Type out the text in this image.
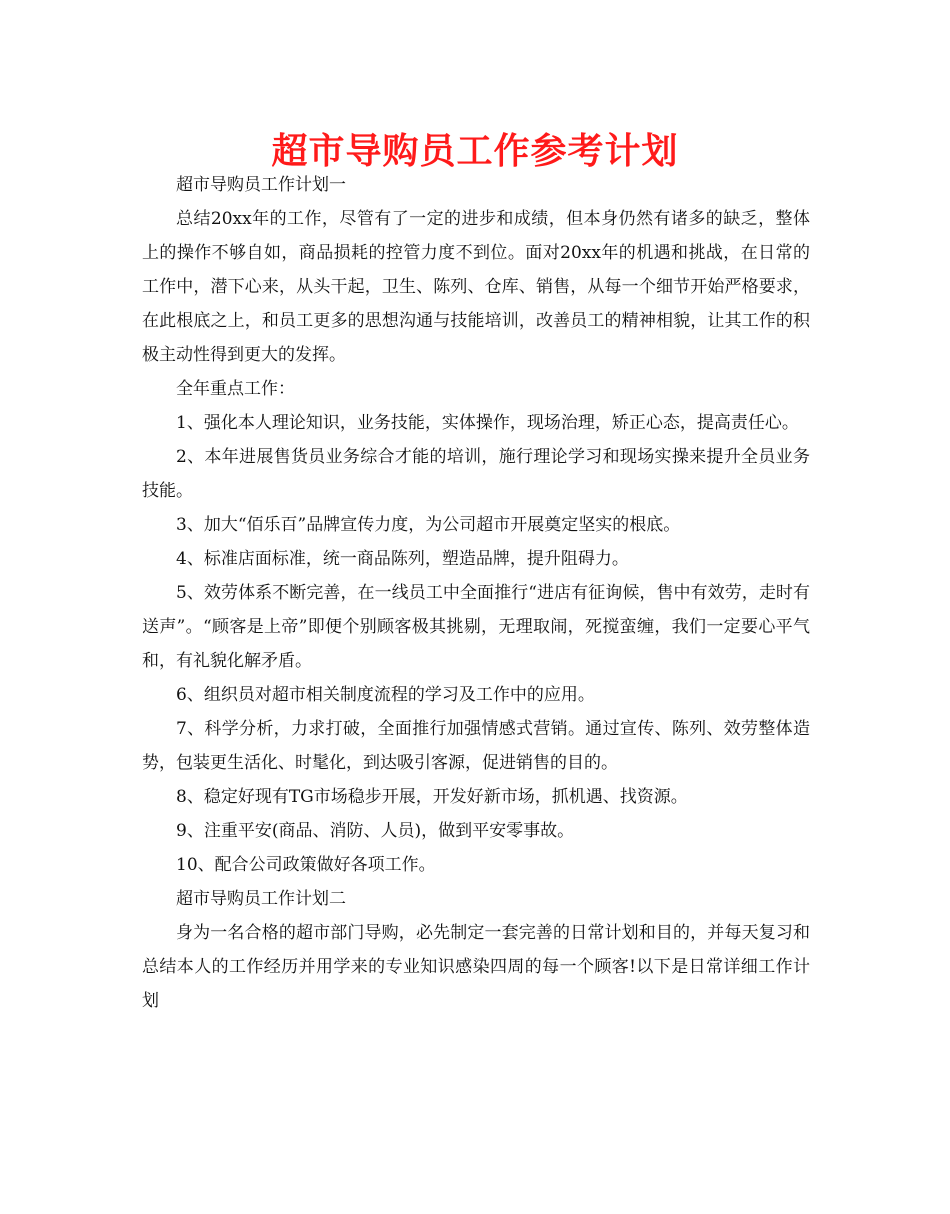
超市导购员工作参考计划

超市导购员工作计划一

总结20xx年的工作，尽管有了一定的进步和成绩，但本身仍然有诸多的缺乏，整体上的操作不够自如，商品损耗的控管力度不到位。面对20xx年的机遇和挑战，在日常的工作中，潜下心来，从头干起，卫生、陈列、仓库、销售，从每一个细节开始严格要求，在此根底之上，和员工更多的思想沟通与技能培训，改善员工的精神相貌，让其工作的积极主动性得到更大的发挥。

全年重点工作：

1、强化本人理论知识，业务技能，实体操作，现场治理，矫正心态，提高责任心。

2、本年进展售货员业务综合才能的培训，施行理论学习和现场实操来提升全员业务技能。

3、加大“佰乐百”品牌宣传力度，为公司超市开展奠定坚实的根底。

4、标准店面标准，统一商品陈列，塑造品牌，提升阻碍力。

5、效劳体系不断完善，在一线员工中全面推行“进店有征询候，售中有效劳，走时有送声”。“顾客是上帝”即便个别顾客极其挑剔，无理取闹，死搅蛮缠，我们一定要心平气和，有礼貌化解矛盾。

6、组织员对超市相关制度流程的学习及工作中的应用。

7、科学分析，力求打破，全面推行加强情感式营销。通过宣传、陈列、效劳整体造势，包装更生活化、时髦化，到达吸引客源，促进销售的目的。

8、稳定好现有TG市场稳步开展，开发好新市场，抓机遇、找资源。

9、注重平安(商品、消防、人员)，做到平安零事故。

10、配合公司政策做好各项工作。

超市导购员工作计划二

身为一名合格的超市部门导购，必先制定一套完善的日常计划和目的，并每天复习和总结本人的工作经历并用学来的专业知识感染四周的每一个顾客!以下是日常详细工作计划
